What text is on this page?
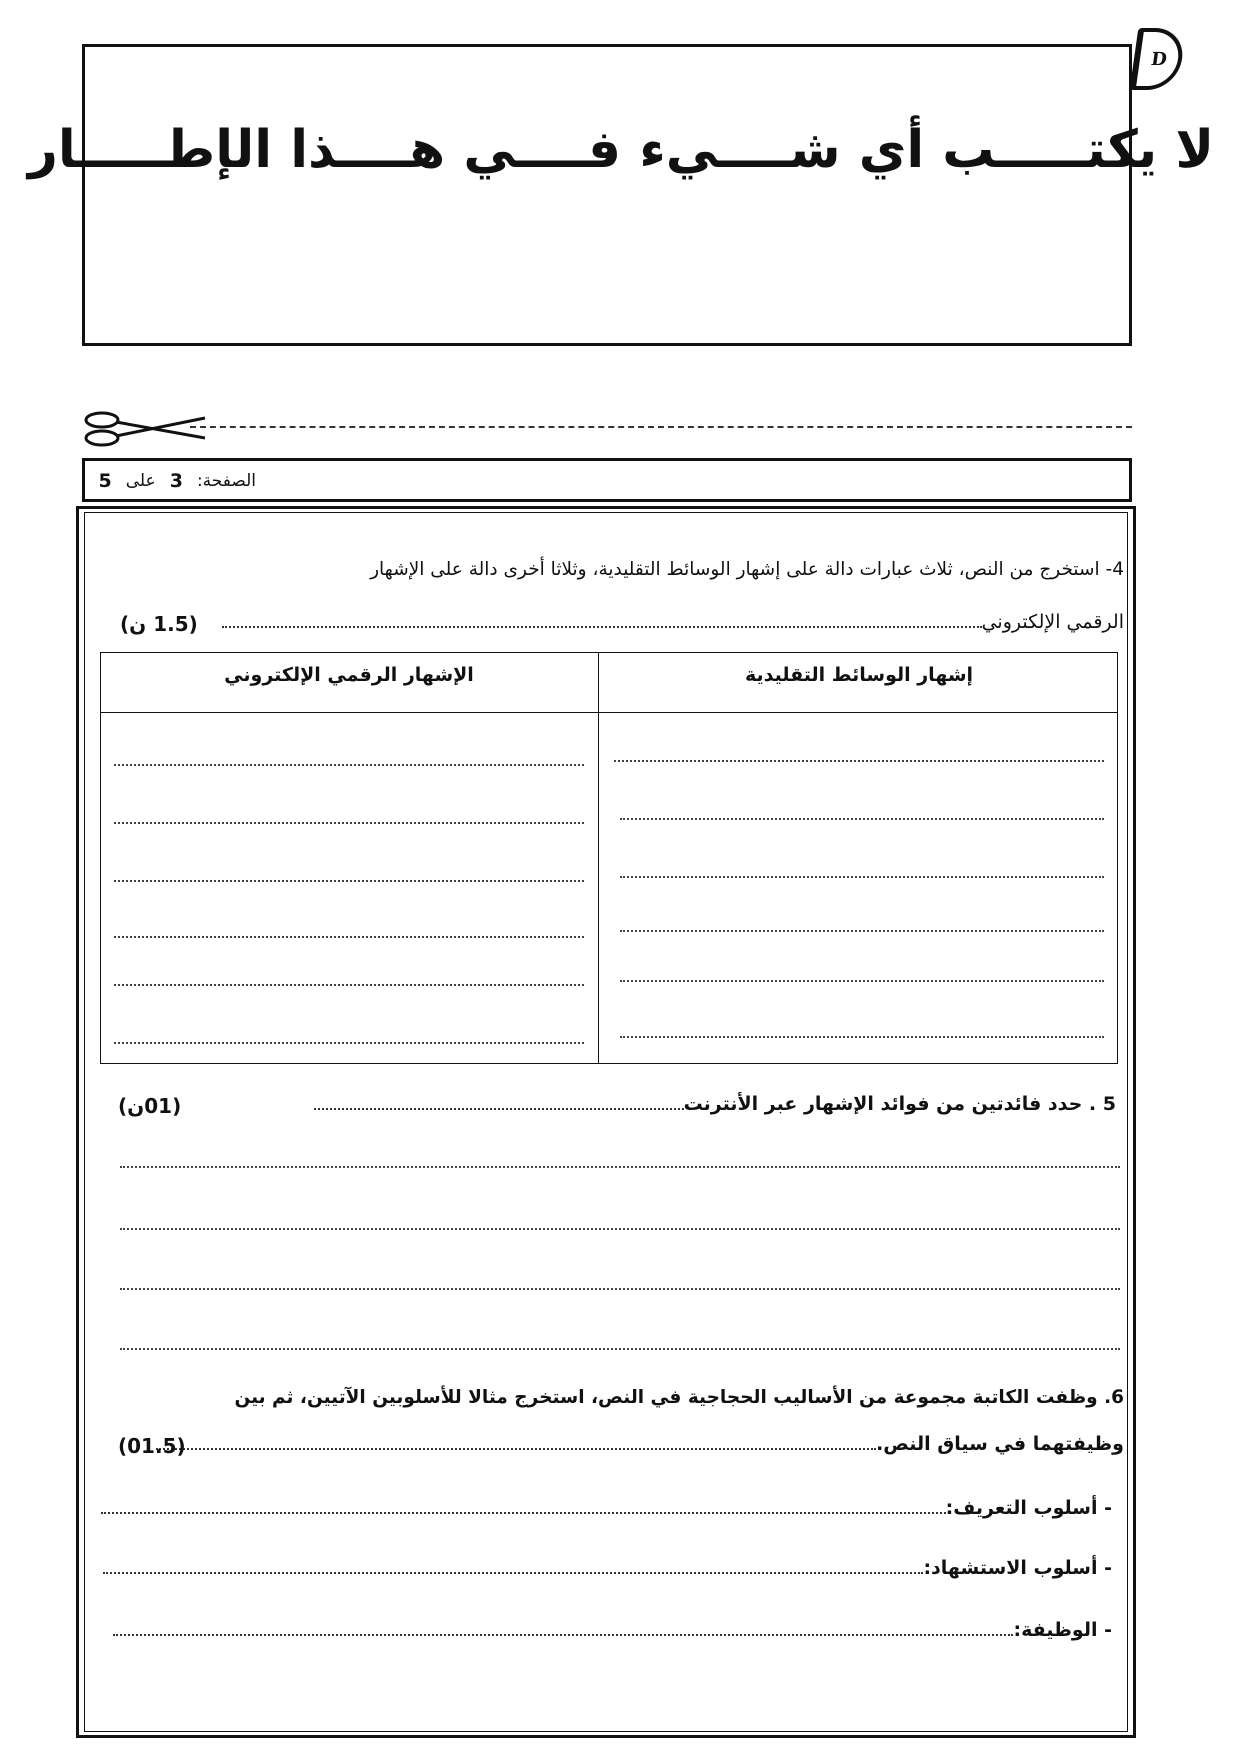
D
لا يكتـــــب أي شــــيء فــــي هــــذا الإطـــــار
الصفحة:
3
على
5
4- استخرج من النص، ثلاث عبارات دالة على إشهار الوسائط التقليدية، وثلاثا أخرى دالة على الإشهار
الرقمي الإلكتروني
(1.5 ن)
إشهار الوسائط التقليدية
الإشهار الرقمي الإلكتروني
5 . حدد فائدتين من فوائد الإشهار عبر الأنترنت
(01ن)
6. وظفت الكاتبة مجموعة من الأساليب الحجاجية في النص، استخرج مثالا للأسلوبين الآتيين، ثم بين
وظيفتهما في سياق النص.
(01.5)
- أسلوب التعريف:
- أسلوب الاستشهاد:
- الوظيفة:
